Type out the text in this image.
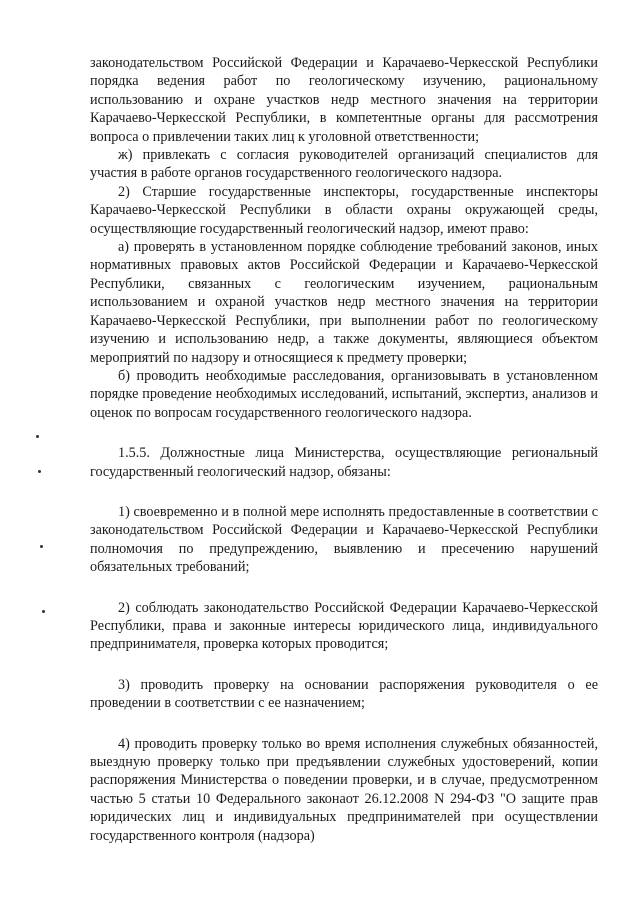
законодательством Российской Федерации и Карачаево-Черкесской Республики порядка ведения работ по геологическому изучению, рациональному использованию и охране участков недр местного значения на территории Карачаево-Черкесской Республики, в компетентные органы для рассмотрения вопроса о привлечении таких лиц к уголовной ответственности;

ж) привлекать с согласия руководителей организаций специалистов для участия в работе органов государственного геологического надзора.

2) Старшие государственные инспекторы, государственные инспекторы Карачаево-Черкесской Республики в области охраны окружающей среды, осуществляющие государственный геологический надзор, имеют право:

а) проверять в установленном порядке соблюдение требований законов, иных нормативных правовых актов Российской Федерации и Карачаево-Черкесской Республики, связанных с геологическим изучением, рациональным использованием и охраной участков недр местного значения на территории Карачаево-Черкесской Республики, при выполнении работ по геологическому изучению и использованию недр, а также документы, являющиеся объектом мероприятий по надзору и относящиеся к предмету проверки;

б) проводить необходимые расследования, организовывать в установленном порядке проведение необходимых исследований, испытаний, экспертиз, анализов и оценок по вопросам государственного геологического надзора.

1.5.5. Должностные лица Министерства, осуществляющие региональный государственный геологический надзор, обязаны:

1) своевременно и в полной мере исполнять предоставленные в соответствии с законодательством Российской Федерации и Карачаево-Черкесской Республики полномочия по предупреждению, выявлению и пресечению нарушений обязательных требований;

2) соблюдать законодательство Российской Федерации Карачаево-Черкесской Республики, права и законные интересы юридического лица, индивидуального предпринимателя, проверка которых проводится;

3) проводить проверку на основании распоряжения руководителя о ее проведении в соответствии с ее назначением;

4) проводить проверку только во время исполнения служебных обязанностей, выездную проверку только при предъявлении служебных удостоверений, копии распоряжения Министерства о поведении проверки, и в случае, предусмотренном частью 5 статьи 10 Федерального законаот 26.12.2008 N 294-ФЗ "О защите прав юридических лиц и индивидуальных предпринимателей при осуществлении государственного контроля (надзора)
